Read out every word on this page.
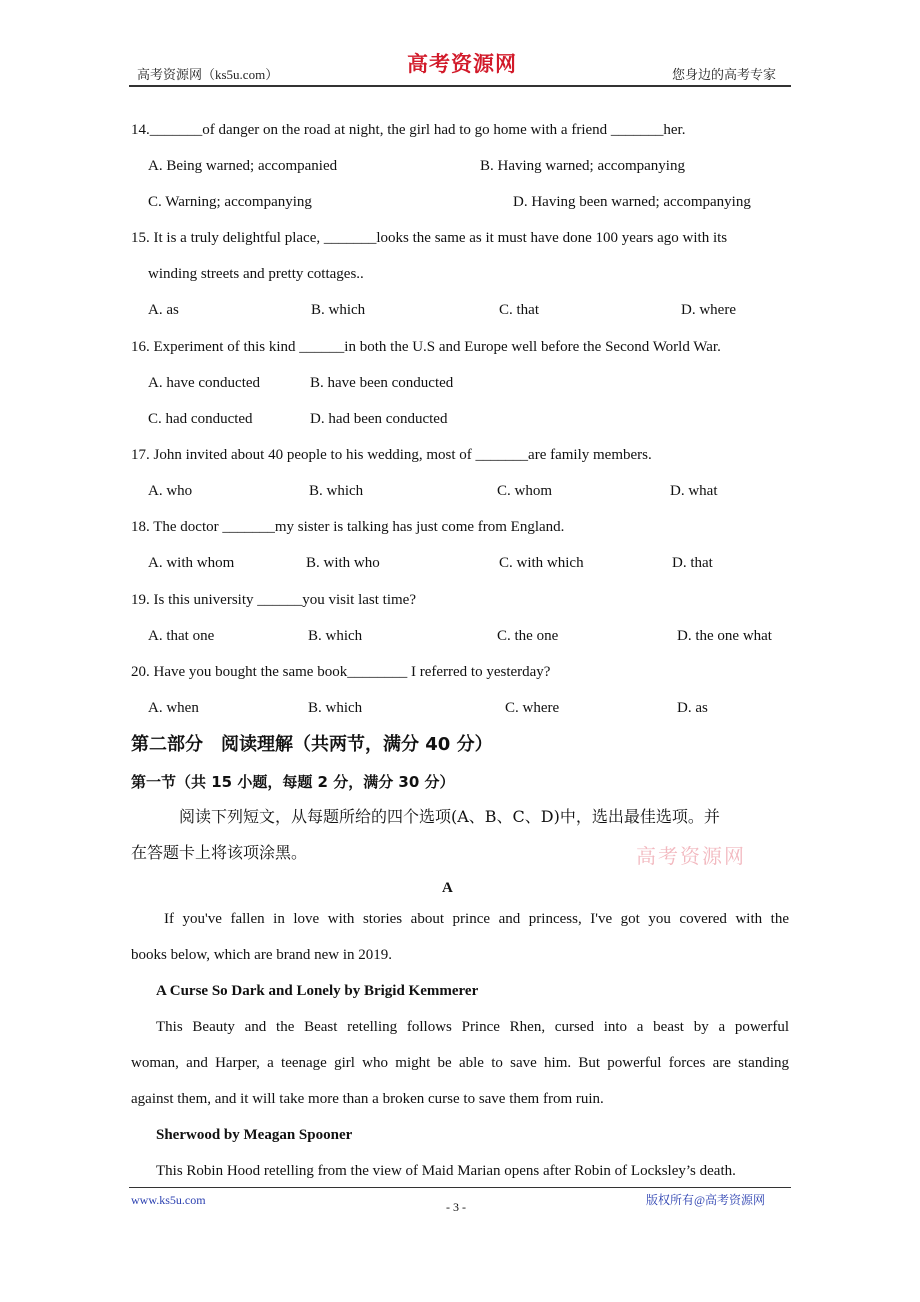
高考资源网（ks5u.com）	高考资源网	您身边的高考专家
14._______of danger on the road at night, the girl had to go home with a friend _______her.
A. Being warned; accompanied	B. Having warned; accompanying
C. Warning; accompanying	D. Having been warned; accompanying
15. It is a truly delightful place, _______looks the same as it must have done 100 years ago with its
winding streets and pretty cottages..
A. as	B. which	C. that	D. where
16. Experiment of this kind ______in both the U.S and Europe well before the Second World War.
A. have conducted	B. have been conducted
C. had conducted	D. had been conducted
17. John invited about 40 people to his wedding, most of _______are family members.
A. who	B. which	C. whom	D. what
18. The doctor _______my sister is talking has just come from England.
A. with whom	B. with who	C. with which	D. that
19. Is this university ______you visit last time?
A. that one	B. which	C. the one	D. the one what
20. Have you bought the same book________ I referred to yesterday?
A. when	B. which	C. where	D. as
第二部分　阅读理解（共两节，满分 40 分）
第一节（共 15 小题，每题 2 分，满分 30 分）
阅读下列短文，从每题所给的四个选项(A、B、C、D)中，选出最佳选项。并
在答题卡上将该项涂黑。	高考资源网
A
If you've fallen in love with stories about prince and princess, I've got you covered with the
books below, which are brand new in 2019.
A Curse So Dark and Lonely by Brigid Kemmerer
This Beauty and the Beast retelling follows Prince Rhen, cursed into a beast by a powerful
woman, and Harper, a teenage girl who might be able to save him. But powerful forces are standing
against them, and it will take more than a broken curse to save them from ruin.
Sherwood by Meagan Spooner
This Robin Hood retelling from the view of Maid Marian opens after Robin of Locksley’s death.
www.ks5u.com	- 3 -	版权所有@高考资源网
